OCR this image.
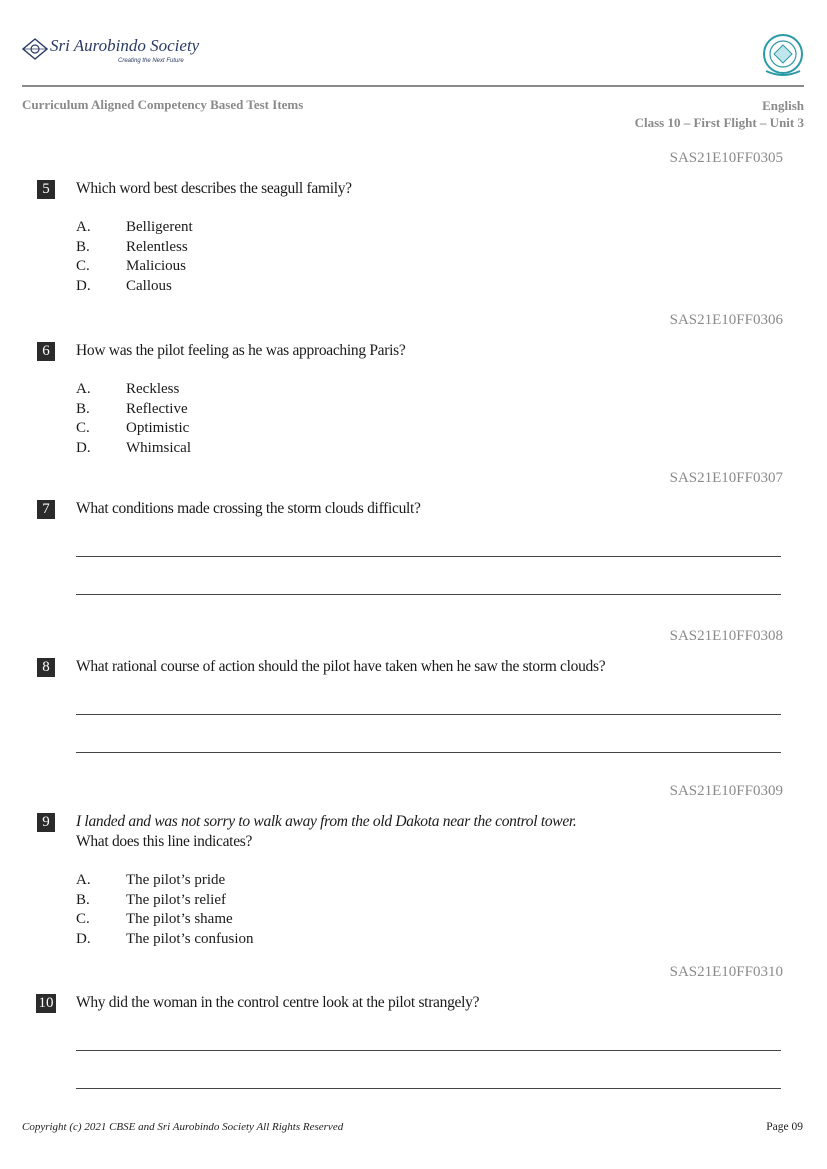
Sri Aurobindo Society
Creating the Next Future
Curriculum Aligned Competency Based Test Items	English
Class 10 – First Flight – Unit 3
SAS21E10FF0305
5	Which word best describes the seagull family?
A.	Belligerent
B.	Relentless
C.	Malicious
D.	Callous
SAS21E10FF0306
6	How was the pilot feeling as he was approaching Paris?
A.	Reckless
B.	Reflective
C.	Optimistic
D.	Whimsical
SAS21E10FF0307
7	What conditions made crossing the storm clouds difficult?
SAS21E10FF0308
8	What rational course of action should the pilot have taken when he saw the storm clouds?
SAS21E10FF0309
9	I landed and was not sorry to walk away from the old Dakota near the control tower.
What does this line indicates?
A.	The pilot’s pride
B.	The pilot’s relief
C.	The pilot’s shame
D.	The pilot’s confusion
SAS21E10FF0310
10 Why did the woman in the control centre look at the pilot strangely?
Copyright (c) 2021 CBSE and Sri Aurobindo Society All Rights Reserved	Page 09
